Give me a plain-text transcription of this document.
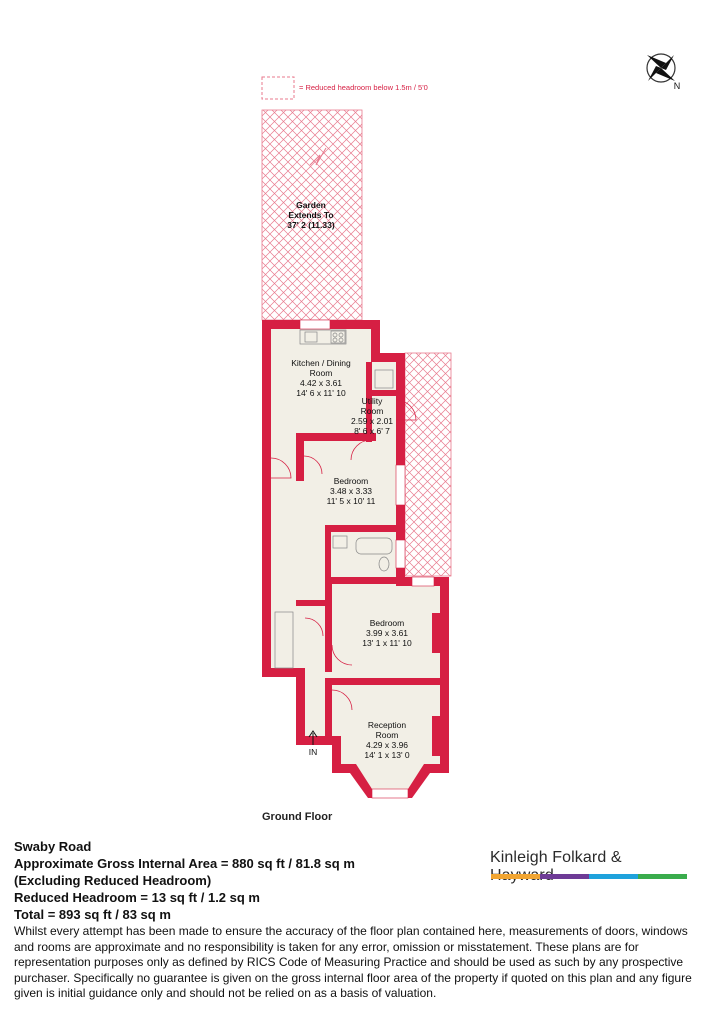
= Reduced headroom below 1.5m / 5'0	N
IN
Garden Extends To 37' 2 (11.33)
Kitchen / Dining Room 4.42 x 3.61 14' 6 x 11' 10
Utility Room 2.59 x 2.01 8' 6 x 6' 7
Bedroom 3.48 x 3.33 11' 5 x 10' 11
Bedroom 3.99 x 3.61 13' 1 x 11' 10
Reception Room 4.29 x 3.96 14' 1 x 13' 0
Ground Floor
Swaby Road
Approximate Gross Internal Area = 880 sq ft / 81.8 sq m
(Excluding Reduced Headroom)
Reduced Headroom = 13 sq ft / 1.2 sq m
Total = 893 sq ft / 83 sq m
Whilst every attempt has been made to ensure the accuracy of the floor plan contained here, measurements of doors, windows and rooms are approximate and no responsibility is taken for any error, omission or misstatement. These plans are for representation purposes only as defined by RICS Code of Measuring Practice and should be used as such by any prospective purchaser. Specifically no guarantee is given on the gross internal floor area of the property if quoted on this plan and any figure given is initial guidance only and should not be relied on as a basis of valuation.
Kinleigh Folkard &
